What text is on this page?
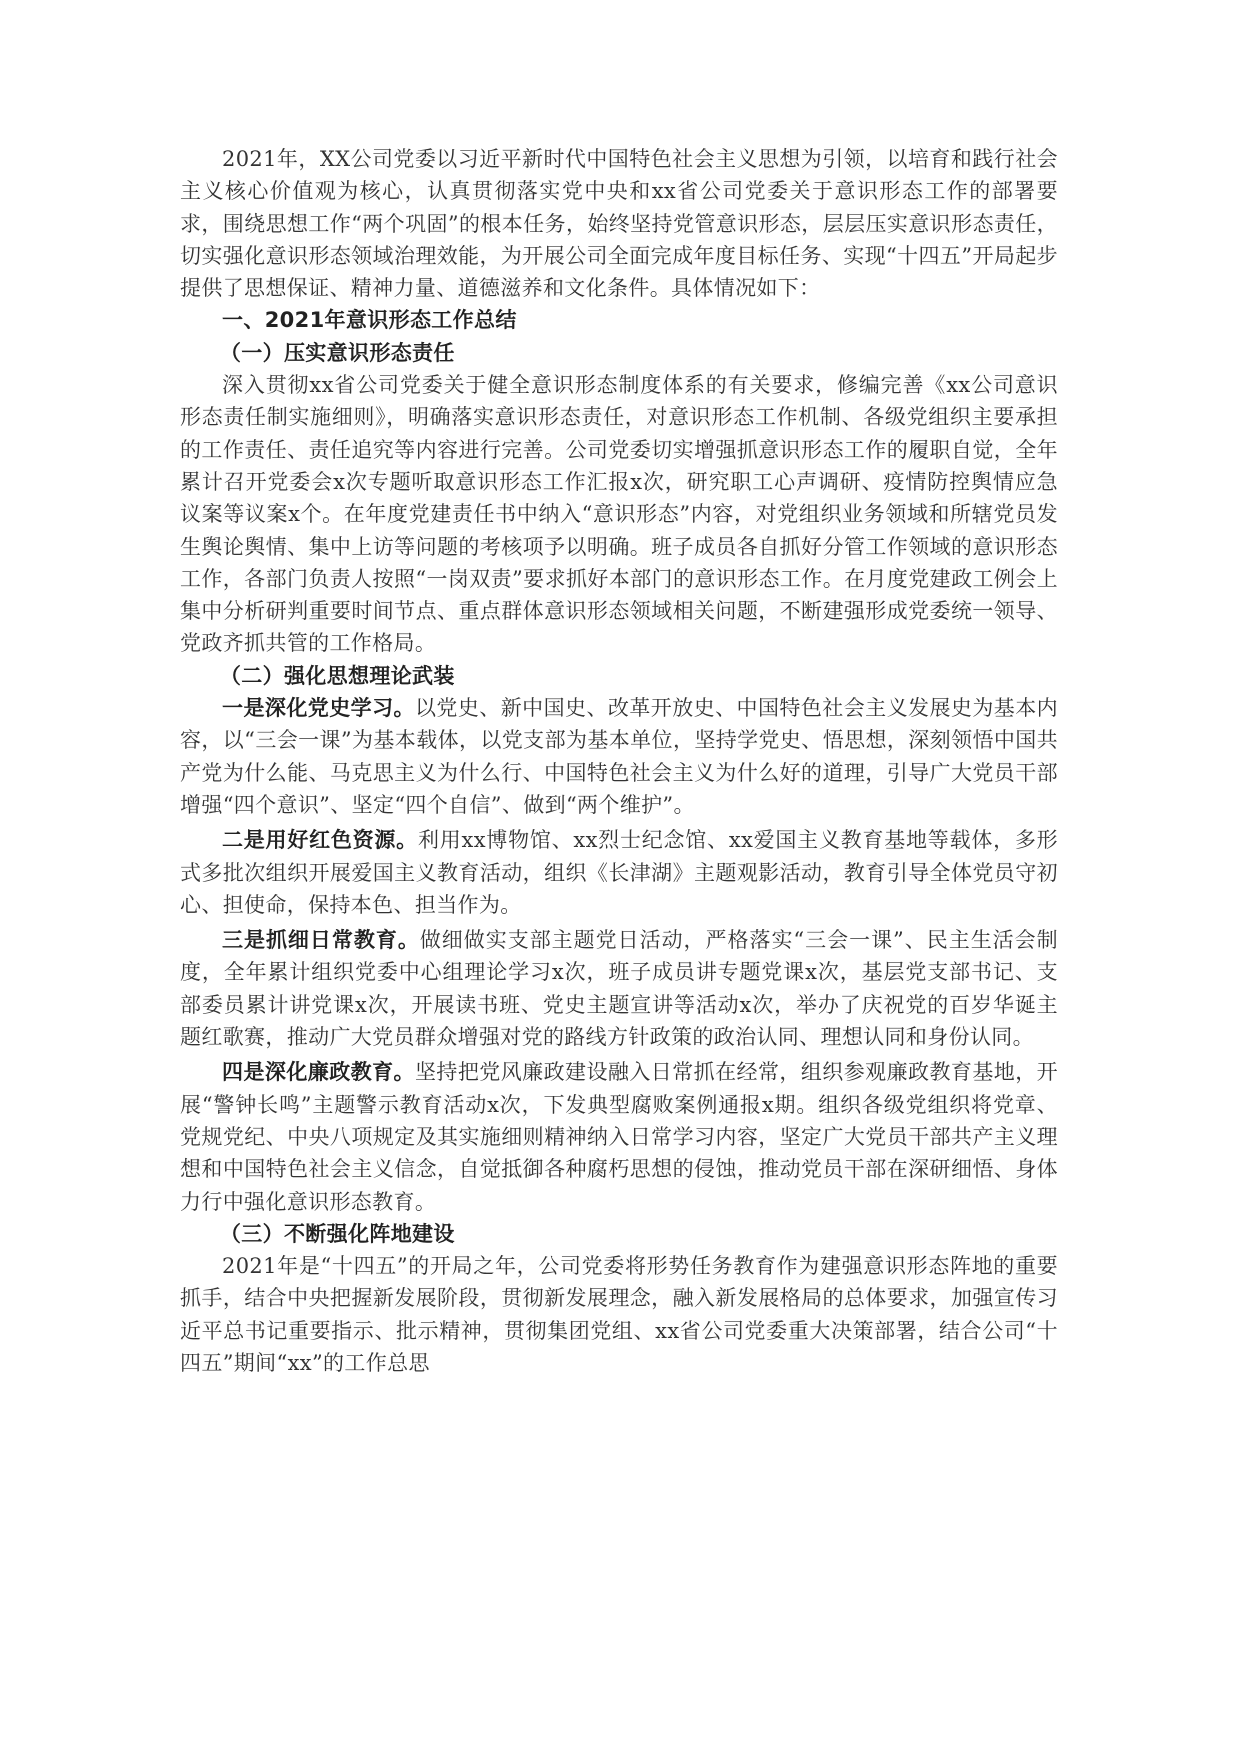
2021年，XX公司党委以习近平新时代中国特色社会主义思想为引领，以培育和践行社会主义核心价值观为核心，认真贯彻落实党中央和xx省公司党委关于意识形态工作的部署要求，围绕思想工作“两个巩固”的根本任务，始终坚持党管意识形态，层层压实意识形态责任，切实强化意识形态领域治理效能，为开展公司全面完成年度目标任务、实现“十四五”开局起步提供了思想保证、精神力量、道德滋养和文化条件。具体情况如下：

一、2021年意识形态工作总结

（一）压实意识形态责任

深入贯彻xx省公司党委关于健全意识形态制度体系的有关要求，修编完善《xx公司意识形态责任制实施细则》，明确落实意识形态责任，对意识形态工作机制、各级党组织主要承担的工作责任、责任追究等内容进行完善。公司党委切实增强抓意识形态工作的履职自觉，全年累计召开党委会x次专题听取意识形态工作汇报x次，研究职工心声调研、疫情防控舆情应急议案等议案x个。在年度党建责任书中纳入“意识形态”内容，对党组织业务领域和所辖党员发生舆论舆情、集中上访等问题的考核项予以明确。班子成员各自抓好分管工作领域的意识形态工作，各部门负责人按照“一岗双责”要求抓好本部门的意识形态工作。在月度党建政工例会上集中分析研判重要时间节点、重点群体意识形态领域相关问题，不断建强形成党委统一领导、党政齐抓共管的工作格局。

（二）强化思想理论武装

一是深化党史学习。以党史、新中国史、改革开放史、中国特色社会主义发展史为基本内容，以“三会一课”为基本载体，以党支部为基本单位，坚持学党史、悟思想，深刻领悟中国共产党为什么能、马克思主义为什么行、中国特色社会主义为什么好的道理，引导广大党员干部增强“四个意识”、坚定“四个自信”、做到“两个维护”。

二是用好红色资源。利用xx博物馆、xx烈士纪念馆、xx爱国主义教育基地等载体，多形式多批次组织开展爱国主义教育活动，组织《长津湖》主题观影活动，教育引导全体党员守初心、担使命，保持本色、担当作为。

三是抓细日常教育。做细做实支部主题党日活动，严格落实“三会一课”、民主生活会制度，全年累计组织党委中心组理论学习x次，班子成员讲专题党课x次，基层党支部书记、支部委员累计讲党课x次，开展读书班、党史主题宣讲等活动x次，举办了庆祝党的百岁华诞主题红歌赛，推动广大党员群众增强对党的路线方针政策的政治认同、理想认同和身份认同。

四是深化廉政教育。坚持把党风廉政建设融入日常抓在经常，组织参观廉政教育基地，开展“警钟长鸣”主题警示教育活动x次，下发典型腐败案例通报x期。组织各级党组织将党章、党规党纪、中央八项规定及其实施细则精神纳入日常学习内容，坚定广大党员干部共产主义理想和中国特色社会主义信念，自觉抵御各种腐朽思想的侵蚀，推动党员干部在深研细悟、身体力行中强化意识形态教育。

（三）不断强化阵地建设

2021年是“十四五”的开局之年，公司党委将形势任务教育作为建强意识形态阵地的重要抓手，结合中央把握新发展阶段，贯彻新发展理念，融入新发展格局的总体要求，加强宣传习近平总书记重要指示、批示精神，贯彻集团党组、xx省公司党委重大决策部署，结合公司“十四五”期间“xx”的工作总思
